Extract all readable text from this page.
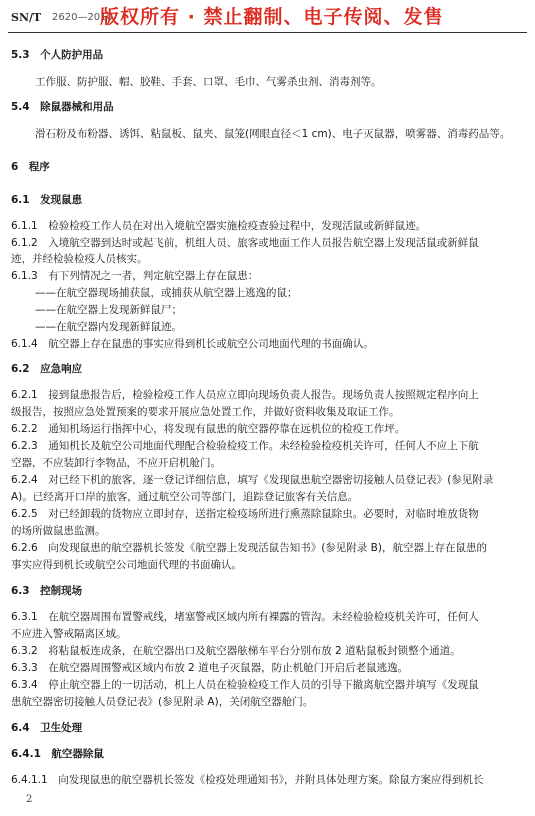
SN/T 2620—2010
版权所有 · 禁止翻制、电子传阅、发售
5.3　个人防护用品
工作服、防护服、帽、胶鞋、手套、口罩、毛巾、气雾杀虫剂、消毒剂等。
5.4　除鼠器械和用品
滑石粉及布粉器、诱饵、粘鼠板、鼠夹、鼠笼(网眼直径＜1 cm)、电子灭鼠器，喷雾器、消毒药品等。
6　程序
6.1　发现鼠患
6.1.1　检验检疫工作人员在对出入境航空器实施检疫查验过程中，发现活鼠或新鲜鼠迹。
6.1.2　入境航空器到达时或起飞前，机组人员、旅客或地面工作人员报告航空器上发现活鼠或新鲜鼠
迹，并经检验检疫人员核实。
6.1.3　有下列情况之一者，判定航空器上存在鼠患：
——在航空器现场捕获鼠，或捕获从航空器上逃逸的鼠；
——在航空器上发现新鲜鼠尸；
——在航空器内发现新鲜鼠迹。
6.1.4　航空器上存在鼠患的事实应得到机长或航空公司地面代理的书面确认。
6.2　应急响应
6.2.1　接到鼠患报告后，检验检疫工作人员应立即向现场负责人报告。现场负责人按照规定程序向上
级报告，按照应急处置预案的要求开展应急处置工作，并做好资料收集及取证工作。
6.2.2　通知机场运行指挥中心，将发现有鼠患的航空器停靠在远机位的检疫工作坪。
6.2.3　通知机长及航空公司地面代理配合检验检疫工作。未经检验检疫机关许可，任何人不应上下航
空器，不应装卸行李物品，不应开启机舱门。
6.2.4　对已经下机的旅客，逐一登记详细信息，填写《发现鼠患航空器密切接触人员登记表》(参见附录
A)。已经离开口岸的旅客，通过航空公司等部门，追踪登记旅客有关信息。
6.2.5　对已经卸载的货物应立即封存，送指定检疫场所进行熏蒸除鼠除虫。必要时，对临时堆放货物
的场所做鼠患监测。
6.2.6　向发现鼠患的航空器机长签发《航空器上发现活鼠告知书》(参见附录 B)，航空器上存在鼠患的
事实应得到机长或航空公司地面代理的书面确认。
6.3　控制现场
6.3.1　在航空器周围布置警戒线，堵塞警戒区域内所有裸露的管沟。未经检验检疫机关许可，任何人
不应进入警戒隔离区域。
6.3.2　将粘鼠板连成条，在航空器出口及航空器舷梯车平台分别布放 2 道粘鼠板封锁整个通道。
6.3.3　在航空器周围警戒区域内布放 2 道电子灭鼠器，防止机舱门开启后老鼠逃逸。
6.3.4　停止航空器上的一切活动，机上人员在检验检疫工作人员的引导下撤离航空器并填写《发现鼠
患航空器密切接触人员登记表》(参见附录 A)，关闭航空器舱门。
6.4　卫生处理
6.4.1　航空器除鼠
6.4.1.1　向发现鼠患的航空器机长签发《检疫处理通知书》，并附具体处理方案。除鼠方案应得到机长
2
